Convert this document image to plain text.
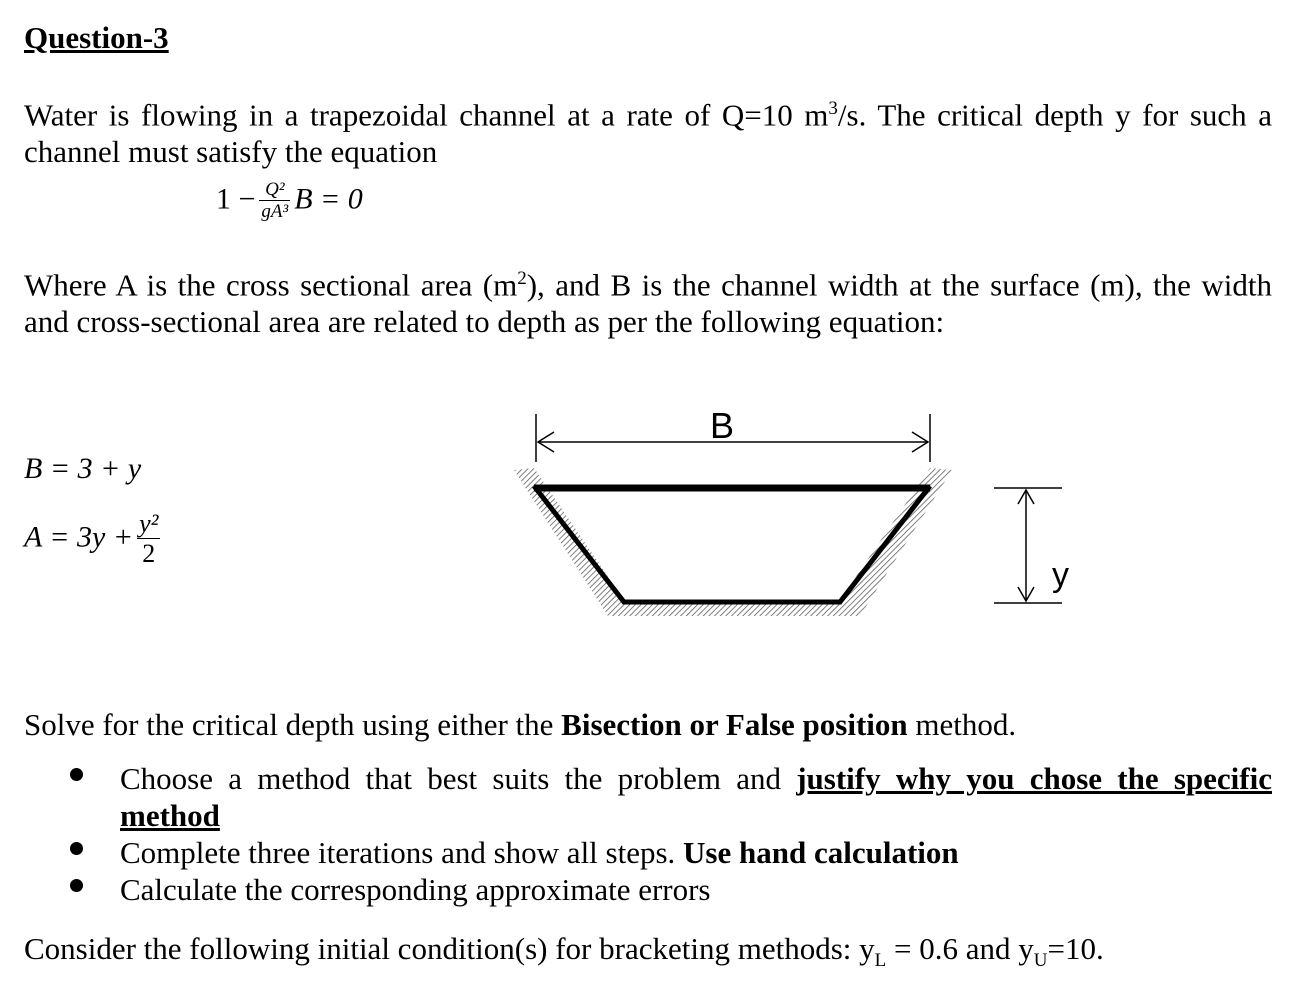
Question-3
Water is flowing in a trapezoidal channel at a rate of Q=10 $m^3/s$. The critical depth y for such a channel must satisfy the equation
$1 - \frac{\text{Q²}}{\text{gA³}}$ B = 0
Where A is the cross sectional area $(m^2)$, and B is the channel width at the surface (m), the width and cross-sectional area are related to depth as per the following equation:
B = 3 + y
$A = 3y + \frac{\text{y²}}{2}$
B
y
Solve for the critical depth using either the Bisection or False position method.
Choose a method that best suits the problem and justify why you chose the specific method
Complete three iterations and show all steps. Use hand calculation
Calculate the corresponding approximate errors
Consider the following initial condition(s) for bracketing methods: $y_L = 0.6$ and $y_U=10$.
